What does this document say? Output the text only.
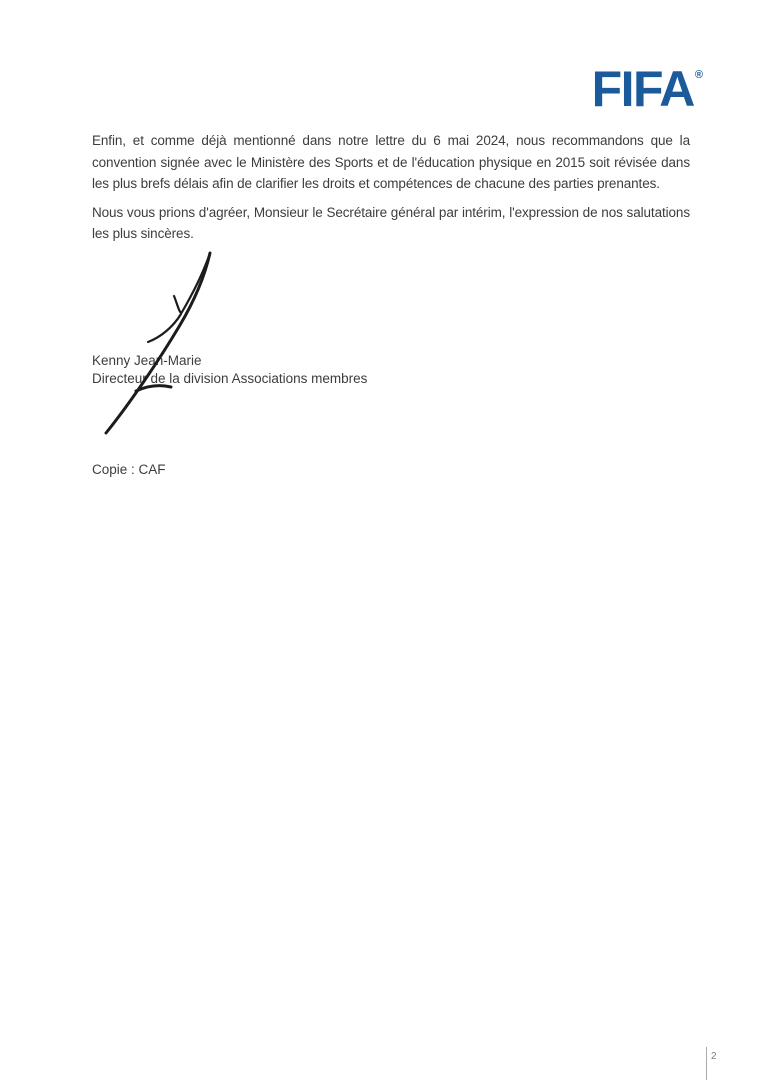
FIFA®
Enfin, et comme déjà mentionné dans notre lettre du 6 mai 2024, nous recommandons que la
convention signée avec le Ministère des Sports et de l'éducation physique en 2015 soit révisée dans
les plus brefs délais afin de clarifier les droits et compétences de chacune des parties prenantes.
Nous vous prions d'agréer, Monsieur le Secrétaire général par intérim, l'expression de nos salutations
les plus sincères.
Kenny Jean-Marie
Directeur de la division Associations membres
Copie : CAF
2
